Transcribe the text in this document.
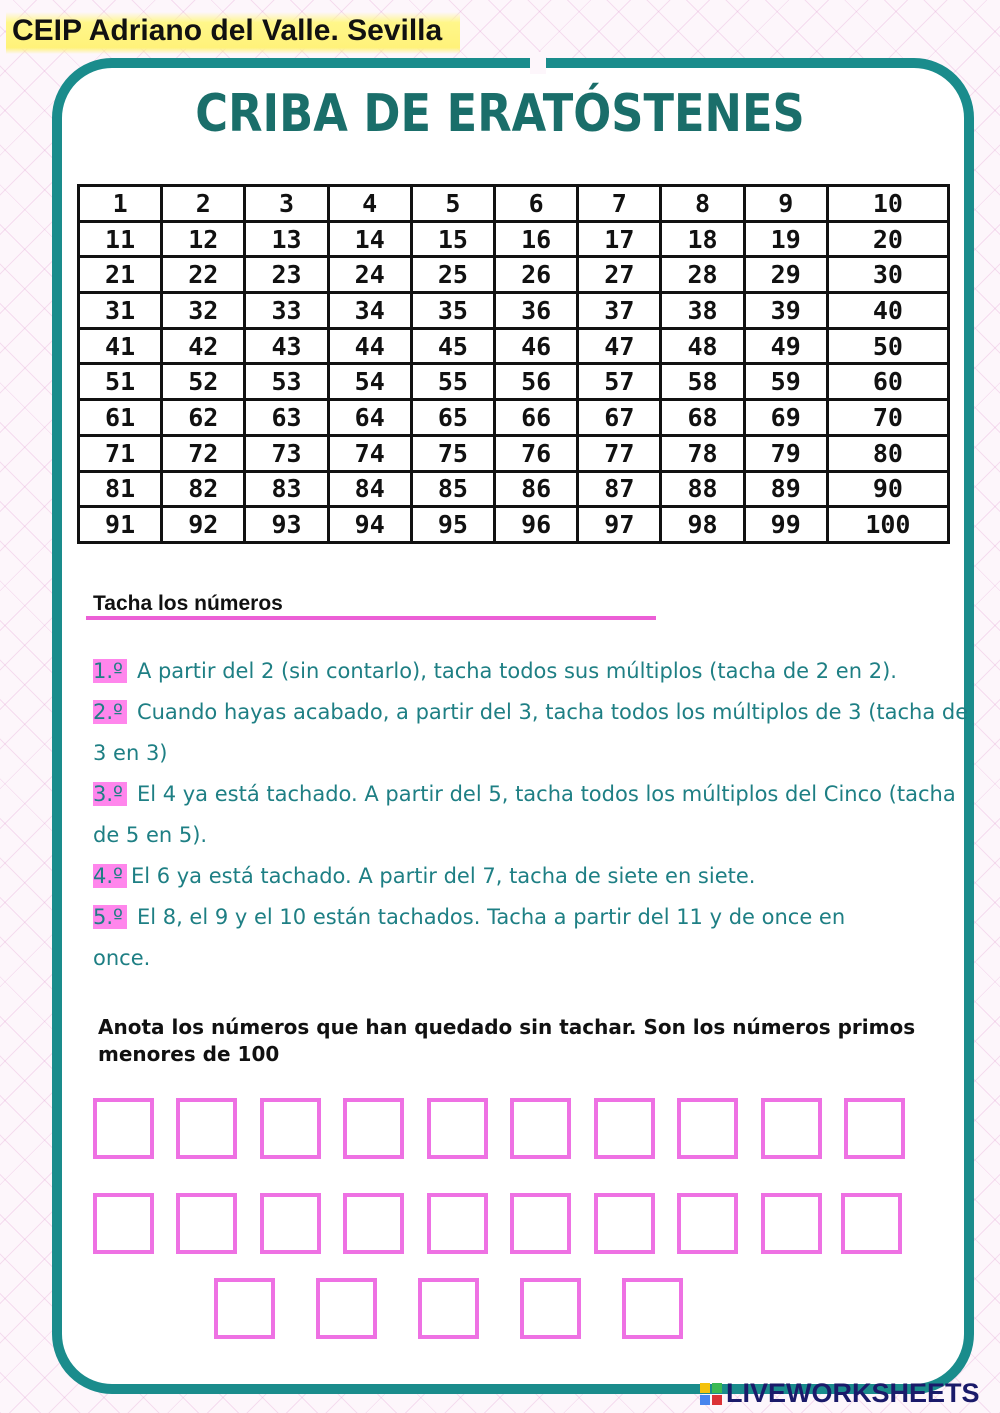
CEIP Adriano del Valle. Sevilla
CRIBA DE ERATÓSTENES
1	2	3	4	5	6	7	8	9	10
11	12	13	14	15	16	17	18	19	20
21	22	23	24	25	26	27	28	29	30
31	32	33	34	35	36	37	38	39	40
41	42	43	44	45	46	47	48	49	50
51	52	53	54	55	56	57	58	59	60
61	62	63	64	65	66	67	68	69	70
71	72	73	74	75	76	77	78	79	80
81	82	83	84	85	86	87	88	89	90
91	92	93	94	95	96	97	98	99	100
Tacha los números

1.º A partir del 2 (sin contarlo), tacha todos sus múltiplos (tacha de 2 en 2).

2.º Cuando hayas acabado, a partir del 3, tacha todos los múltiplos de 3 (tacha de 3 en 3)

3.º El 4 ya está tachado. A partir del 5, tacha todos los múltiplos del Cinco (tacha de 5 en 5).

4.º El 6 ya está tachado. A partir del 7, tacha de siete en siete.

5.º El 8, el 9 y el 10 están tachados. Tacha a partir del 11 y de once en once.

Anota los números que han quedado sin tachar. Son los números primos menores de 100
LIVEWORKSHEETS
